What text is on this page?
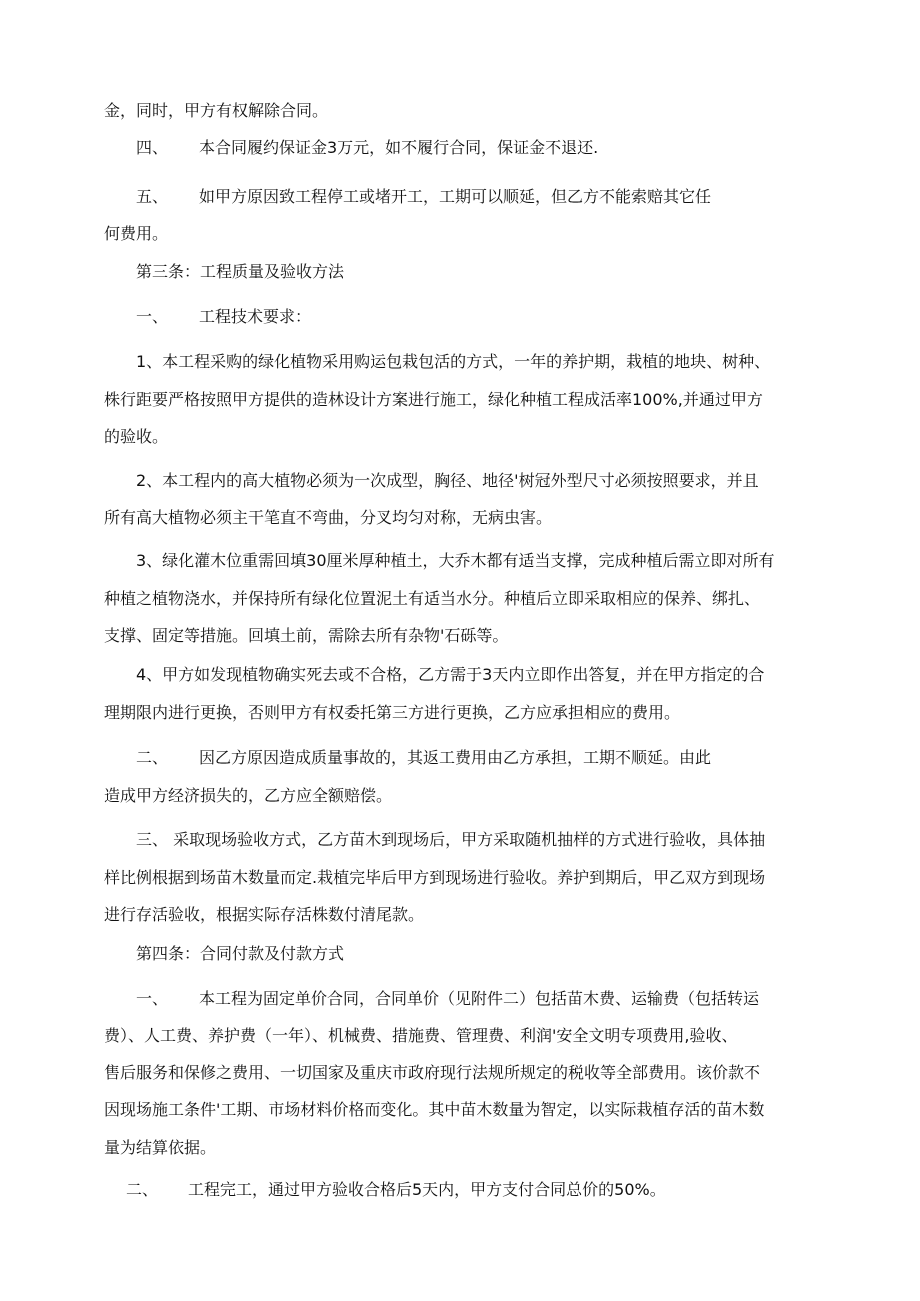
金，同时，甲方有权解除合同。
四、 本合同履约保证金3万元，如不履行合同，保证金不退还.
五、 如甲方原因致工程停工或堵开工，工期可以顺延，但乙方不能索赔其它任
何费用。
第三条：工程质量及验收方法
一、 工程技术要求：
1、本工程采购的绿化植物采用购运包栽包活的方式，一年的养护期，栽植的地块、树种、
株行距要严格按照甲方提供的造林设计方案进行施工，绿化种植工程成活率100%,并通过甲方
的验收。
2、本工程内的高大植物必须为一次成型，胸径、地径'树冠外型尺寸必须按照要求，并且
所有高大植物必须主干笔直不弯曲，分叉均匀对称，无病虫害。
3、绿化灌木位重需回填30厘米厚种植土，大乔木都有适当支撑，完成种植后需立即对所有
种植之植物浇水，并保持所有绿化位置泥土有适当水分。种植后立即采取相应的保养、绑扎、
支撑、固定等措施。回填土前，需除去所有杂物'石砾等。
4、甲方如发现植物确实死去或不合格，乙方需于3天内立即作出答复，并在甲方指定的合
理期限内进行更换，否则甲方有权委托第三方进行更换，乙方应承担相应的费用。
二、 因乙方原因造成质量事故的，其返工费用由乙方承担，工期不顺延。由此
造成甲方经济损失的，乙方应全额赔偿。
三、 采取现场验收方式，乙方苗木到现场后，甲方采取随机抽样的方式进行验收，具体抽
样比例根据到场苗木数量而定.栽植完毕后甲方到现场进行验收。养护到期后，甲乙双方到现场
进行存活验收，根据实际存活株数付清尾款。
第四条：合同付款及付款方式
一、 本工程为固定单价合同，合同单价（见附件二）包括苗木费、运输费（包括转运
费）、人工费、养护费（一年）、机械费、措施费、管理费、利润'安全文明专项费用,验收、
售后服务和保修之费用、一切国家及重庆市政府现行法规所规定的税收等全部费用。该价款不
因现场施工条件'工期、市场材料价格而变化。其中苗木数量为智定，以实际栽植存活的苗木数
量为结算依据。
二、 工程完工，通过甲方验收合格后5天内，甲方支付合同总价的50%。
